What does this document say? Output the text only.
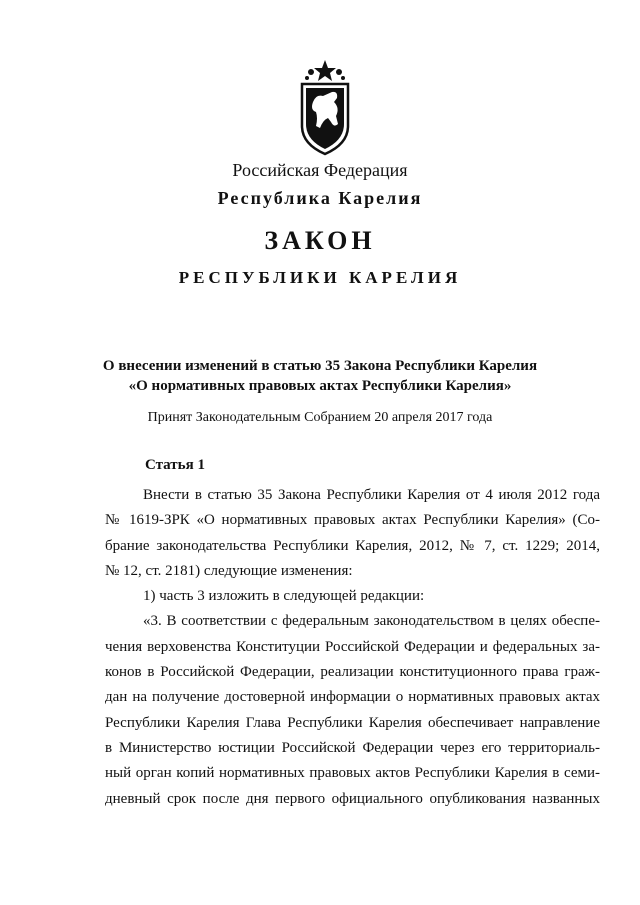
Российская Федерация
Республика Карелия
ЗАКОН
РЕСПУБЛИКИ КАРЕЛИЯ
О внесении изменений в статью 35 Закона Республики Карелия
«О нормативных правовых актах Республики Карелия»
Принят Законодательным Собранием 20 апреля 2017 года
Статья 1
Внести в статью 35 Закона Республики Карелия от 4 июля 2012 года
№ 1619-ЗРК «О нормативных правовых актах Республики Карелия» (Со-
брание законодательства Республики Карелия, 2012, № 7, ст. 1229; 2014,
№ 12, ст. 2181) следующие изменения:
1) часть 3 изложить в следующей редакции:
«3. В соответствии с федеральным законодательством в целях обеспе-
чения верховенства Конституции Российской Федерации и федеральных за-
конов в Российской Федерации, реализации конституционного права граж-
дан на получение достоверной информации о нормативных правовых актах
Республики Карелия Глава Республики Карелия обеспечивает направление
в Министерство юстиции Российской Федерации через его территориаль-
ный орган копий нормативных правовых актов Республики Карелия в семи-
дневный срок после дня первого официального опубликования названных
